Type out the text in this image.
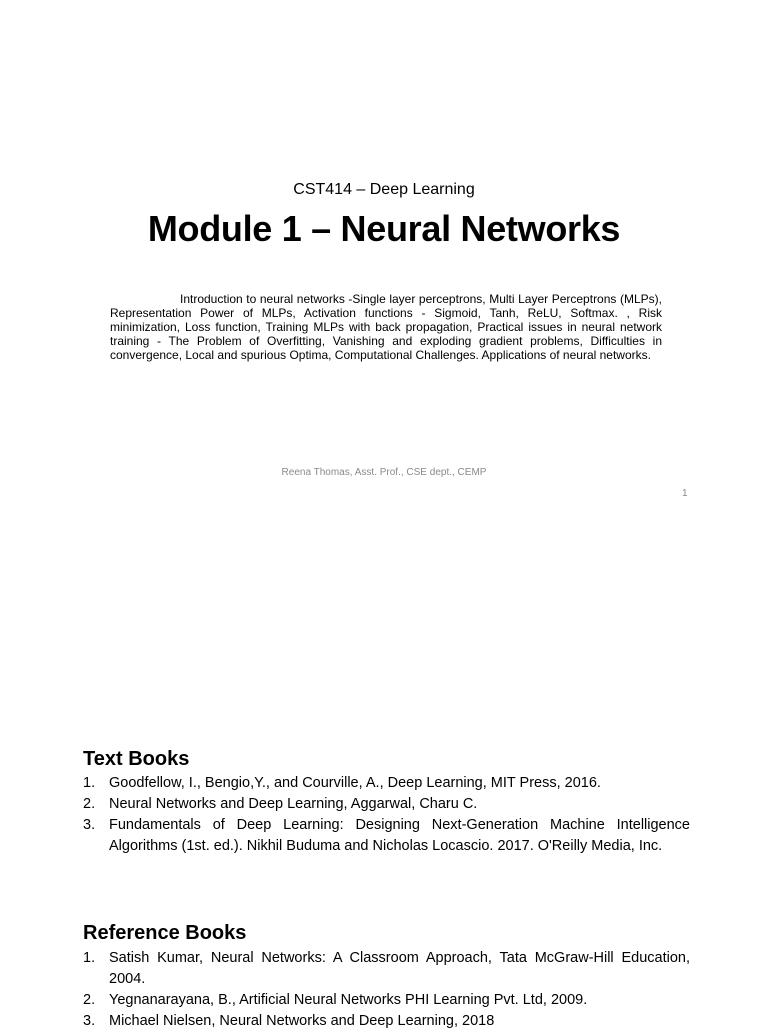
CST414 – Deep Learning
Module 1 – Neural Networks

Introduction to neural networks -Single layer perceptrons, Multi Layer Perceptrons (MLPs), Representation Power of MLPs, Activation functions - Sigmoid, Tanh, ReLU, Softmax. , Risk minimization, Loss function, Training MLPs with back propagation, Practical issues in neural network training - The Problem of Overfitting, Vanishing and exploding gradient problems, Difficulties in convergence, Local and spurious Optima, Computational Challenges. Applications of neural networks.

Reena Thomas, Asst. Prof., CSE dept., CEMP
1
Text Books
1. Goodfellow, I., Bengio,Y., and Courville, A., Deep Learning, MIT Press, 2016.
2. Neural Networks and Deep Learning, Aggarwal, Charu C.
3. Fundamentals of Deep Learning: Designing Next-Generation Machine Intelligence Algorithms (1st. ed.). Nikhil Buduma and Nicholas Locascio. 2017. O'Reilly Media, Inc.
Reference Books
1. Satish Kumar, Neural Networks: A Classroom Approach, Tata McGraw-Hill Education, 2004.
2. Yegnanarayana, B., Artificial Neural Networks PHI Learning Pvt. Ltd, 2009.
3. Michael Nielsen, Neural Networks and Deep Learning, 2018
